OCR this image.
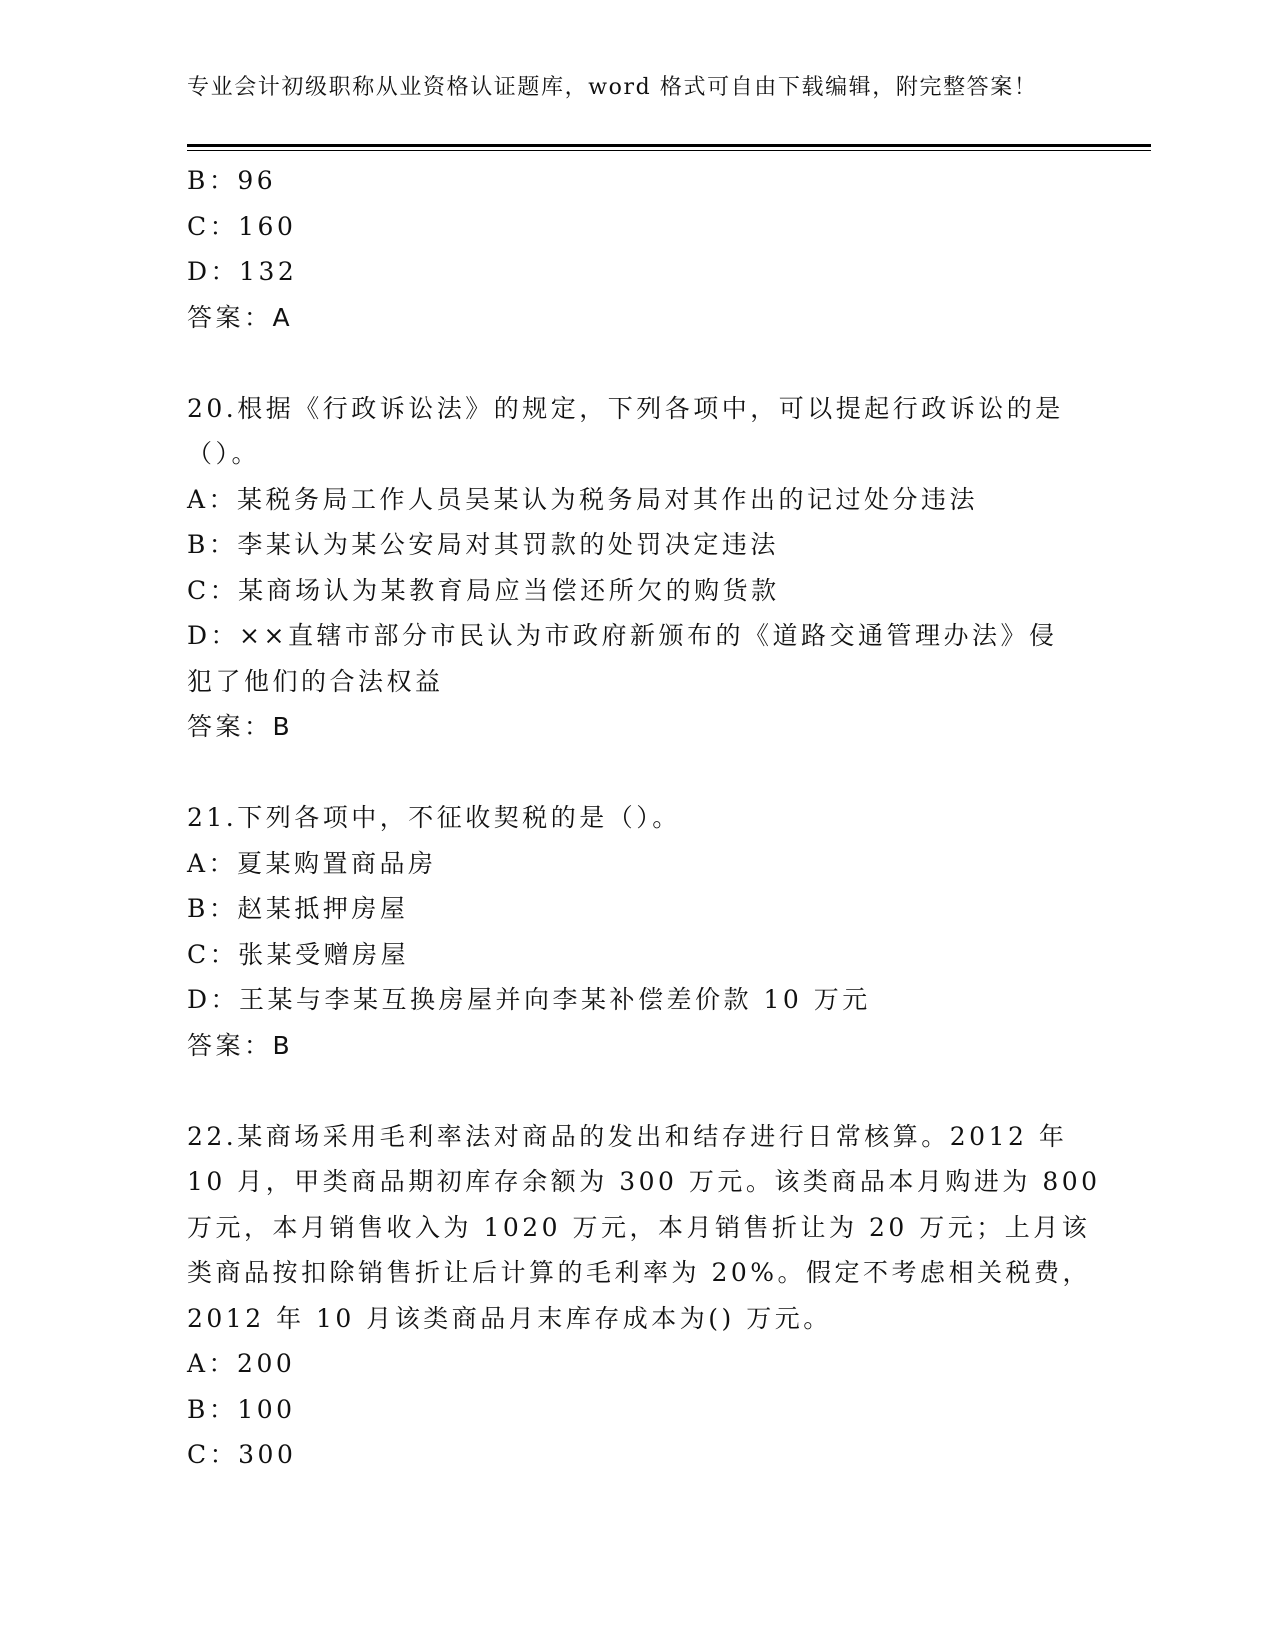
专业会计初级职称从业资格认证题库，word 格式可自由下载编辑，附完整答案！
B：96
C：160
D：132
答案：A
20.根据《行政诉讼法》的规定，下列各项中，可以提起行政诉讼的是
（）。
A：某税务局工作人员吴某认为税务局对其作出的记过处分违法
B：李某认为某公安局对其罚款的处罚决定违法
C：某商场认为某教育局应当偿还所欠的购货款
D：××直辖市部分市民认为市政府新颁布的《道路交通管理办法》侵
犯了他们的合法权益
答案：B
21.下列各项中，不征收契税的是（）。
A：夏某购置商品房
B：赵某抵押房屋
C：张某受赠房屋
D：王某与李某互换房屋并向李某补偿差价款 10 万元
答案：B
22.某商场采用毛利率法对商品的发出和结存进行日常核算。2012 年
10 月，甲类商品期初库存余额为 300 万元。该类商品本月购进为 800
万元，本月销售收入为 1020 万元，本月销售折让为 20 万元；上月该
类商品按扣除销售折让后计算的毛利率为 20%。假定不考虑相关税费，
2012 年 10 月该类商品月末库存成本为() 万元。
A：200
B：100
C：300
